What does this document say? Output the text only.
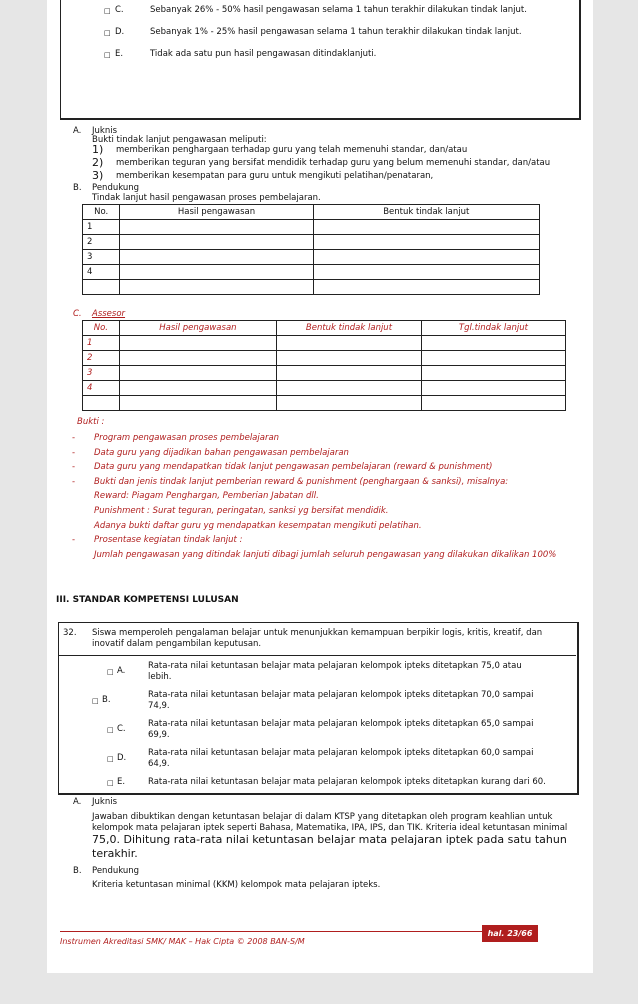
□ C.	Sebanyak 26% - 50% hasil pengawasan selama 1 tahun terakhir dilakukan tindak lanjut.
□ D.	Sebanyak 1% - 25% hasil pengawasan selama 1 tahun terakhir dilakukan tindak lanjut.
□ E.	Tidak ada satu pun hasil pengawasan ditindaklanjuti.
A. Juknis
Bukti tindak lanjut pengawasan meliputi:
1) memberikan penghargaan terhadap guru yang telah memenuhi standar, dan/atau
2) memberikan teguran yang bersifat mendidik terhadap guru yang belum memenuhi standar, dan/atau
3) memberikan kesempatan para guru untuk mengikuti pelatihan/penataran,
B. Pendukung
Tindak lanjut hasil pengawasan proses pembelajaran.
No.	Hasil pengawasan	Bentuk tindak lanjut
1		
2		
3		
4		

C. Assesor
No.	Hasil pengawasan	Bentuk tindak lanjut	Tgl.tindak lanjut
1			
2			
3			
4			

Bukti :
- Program pengawasan proses pembelajaran
- Data guru yang dijadikan bahan pengawasan pembelajaran
- Data guru yang mendapatkan tidak lanjut pengawasan pembelajaran (reward & punishment)
- Bukti dan jenis tindak lanjut pemberian reward & punishment (penghargaan & sanksi), misalnya:
Reward: Piagam Penghargan, Pemberian Jabatan dll.
Punishment : Surat teguran, peringatan, sanksi yg bersifat mendidik.
Adanya bukti daftar guru yg mendapatkan kesempatan mengikuti pelatihan.
- Prosentase kegiatan tindak lanjut :
Jumlah pengawasan yang ditindak lanjuti dibagi jumlah seluruh pengawasan yang dilakukan dikalikan 100%
III. STANDAR KOMPETENSI LULUSAN
32. Siswa memperoleh pengalaman belajar untuk menunjukkan kemampuan berpikir logis, kritis, kreatif, dan
inovatif dalam pengambilan keputusan.
□ A.	Rata-rata nilai ketuntasan belajar mata pelajaran kelompok ipteks ditetapkan 75,0 atau
lebih.
□ B.	Rata-rata nilai ketuntasan belajar mata pelajaran kelompok ipteks ditetapkan 70,0 sampai
74,9.
□ C.	Rata-rata nilai ketuntasan belajar mata pelajaran kelompok ipteks ditetapkan 65,0 sampai
69,9.
□ D.	Rata-rata nilai ketuntasan belajar mata pelajaran kelompok ipteks ditetapkan 60,0 sampai
64,9.
□ E.	Rata-rata nilai ketuntasan belajar mata pelajaran kelompok ipteks ditetapkan kurang dari 60.
A. Juknis
Jawaban dibuktikan dengan ketuntasan belajar di dalam KTSP yang ditetapkan oleh program keahlian untuk
kelompok mata pelajaran iptek seperti Bahasa, Matematika, IPA, IPS, dan TIK. Kriteria ideal ketuntasan minimal
75,0. Dihitung rata-rata nilai ketuntasan belajar mata pelajaran iptek pada satu tahun
terakhir.
B. Pendukung
Kriteria ketuntasan minimal (KKM) kelompok mata pelajaran ipteks.
hal. 23/66
Instrumen Akreditasi SMK/ MAK – Hak Cipta © 2008 BAN-S/M
